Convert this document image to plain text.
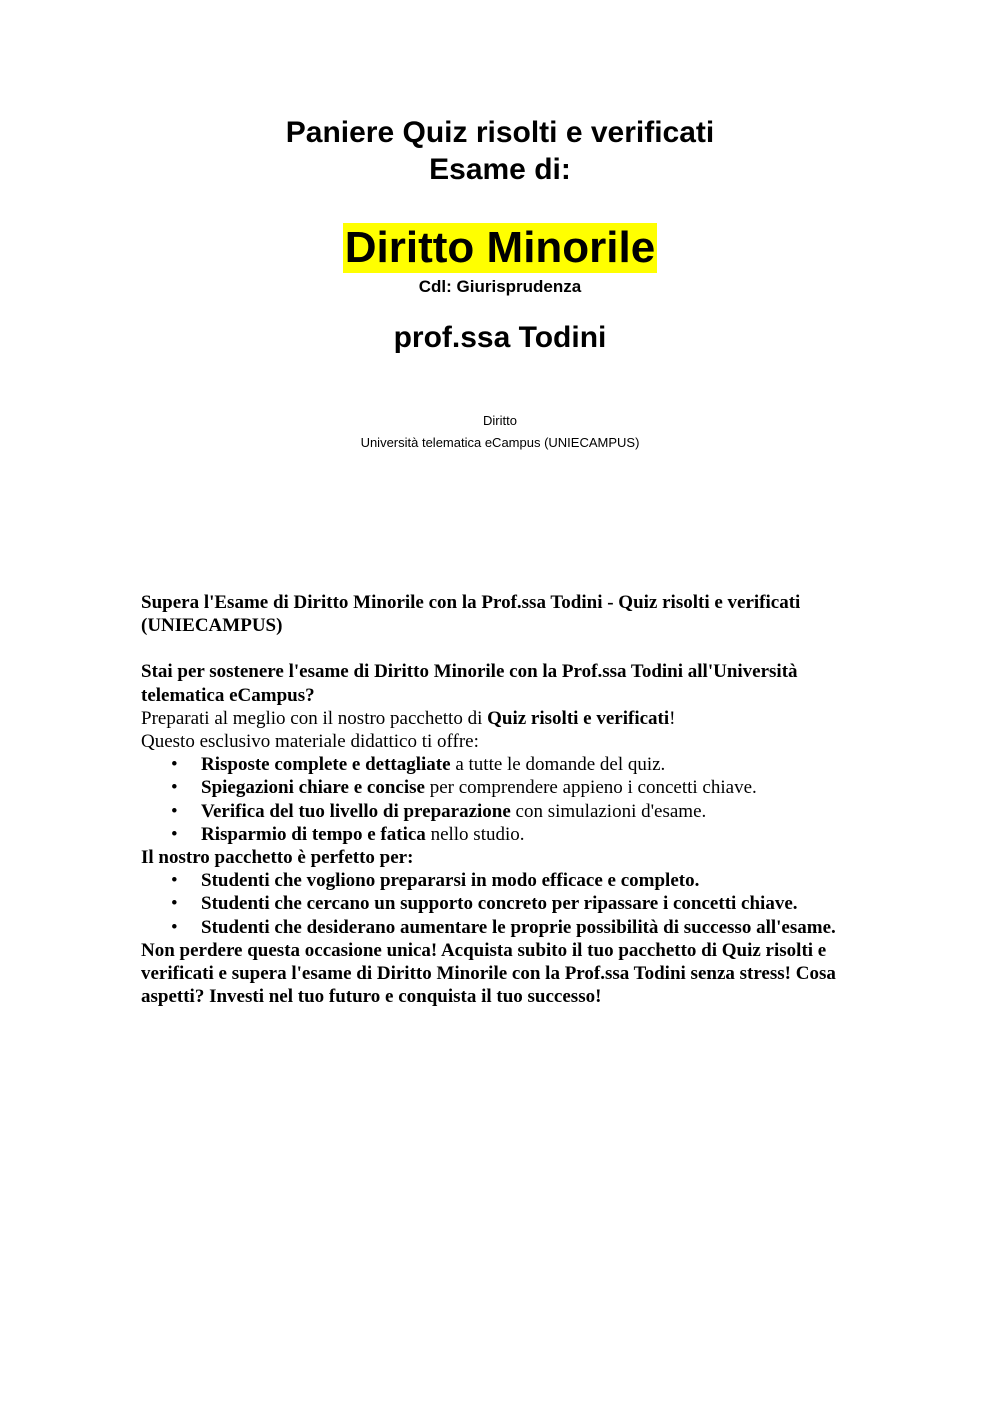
Paniere Quiz risolti e verificati
Esame di:
Diritto Minorile
Cdl: Giurisprudenza
prof.ssa Todini
Diritto
Università telematica eCampus (UNIECAMPUS)

Supera l'Esame di Diritto Minorile con la Prof.ssa Todini - Quiz risolti e verificati (UNIECAMPUS)

Stai per sostenere l'esame di Diritto Minorile con la Prof.ssa Todini all'Università telematica eCampus?

Preparati al meglio con il nostro pacchetto di Quiz risolti e verificati!

Questo esclusivo materiale didattico ti offre:

• Risposte complete e dettagliate a tutte le domande del quiz.
• Spiegazioni chiare e concise per comprendere appieno i concetti chiave.
• Verifica del tuo livello di preparazione con simulazioni d'esame.
• Risparmio di tempo e fatica nello studio.

Il nostro pacchetto è perfetto per:

• Studenti che vogliono prepararsi in modo efficace e completo.
• Studenti che cercano un supporto concreto per ripassare i concetti chiave.
• Studenti che desiderano aumentare le proprie possibilità di successo all'esame.

Non perdere questa occasione unica! Acquista subito il tuo pacchetto di Quiz risolti e verificati e supera l'esame di Diritto Minorile con la Prof.ssa Todini senza stress! Cosa aspetti? Investi nel tuo futuro e conquista il tuo successo!
